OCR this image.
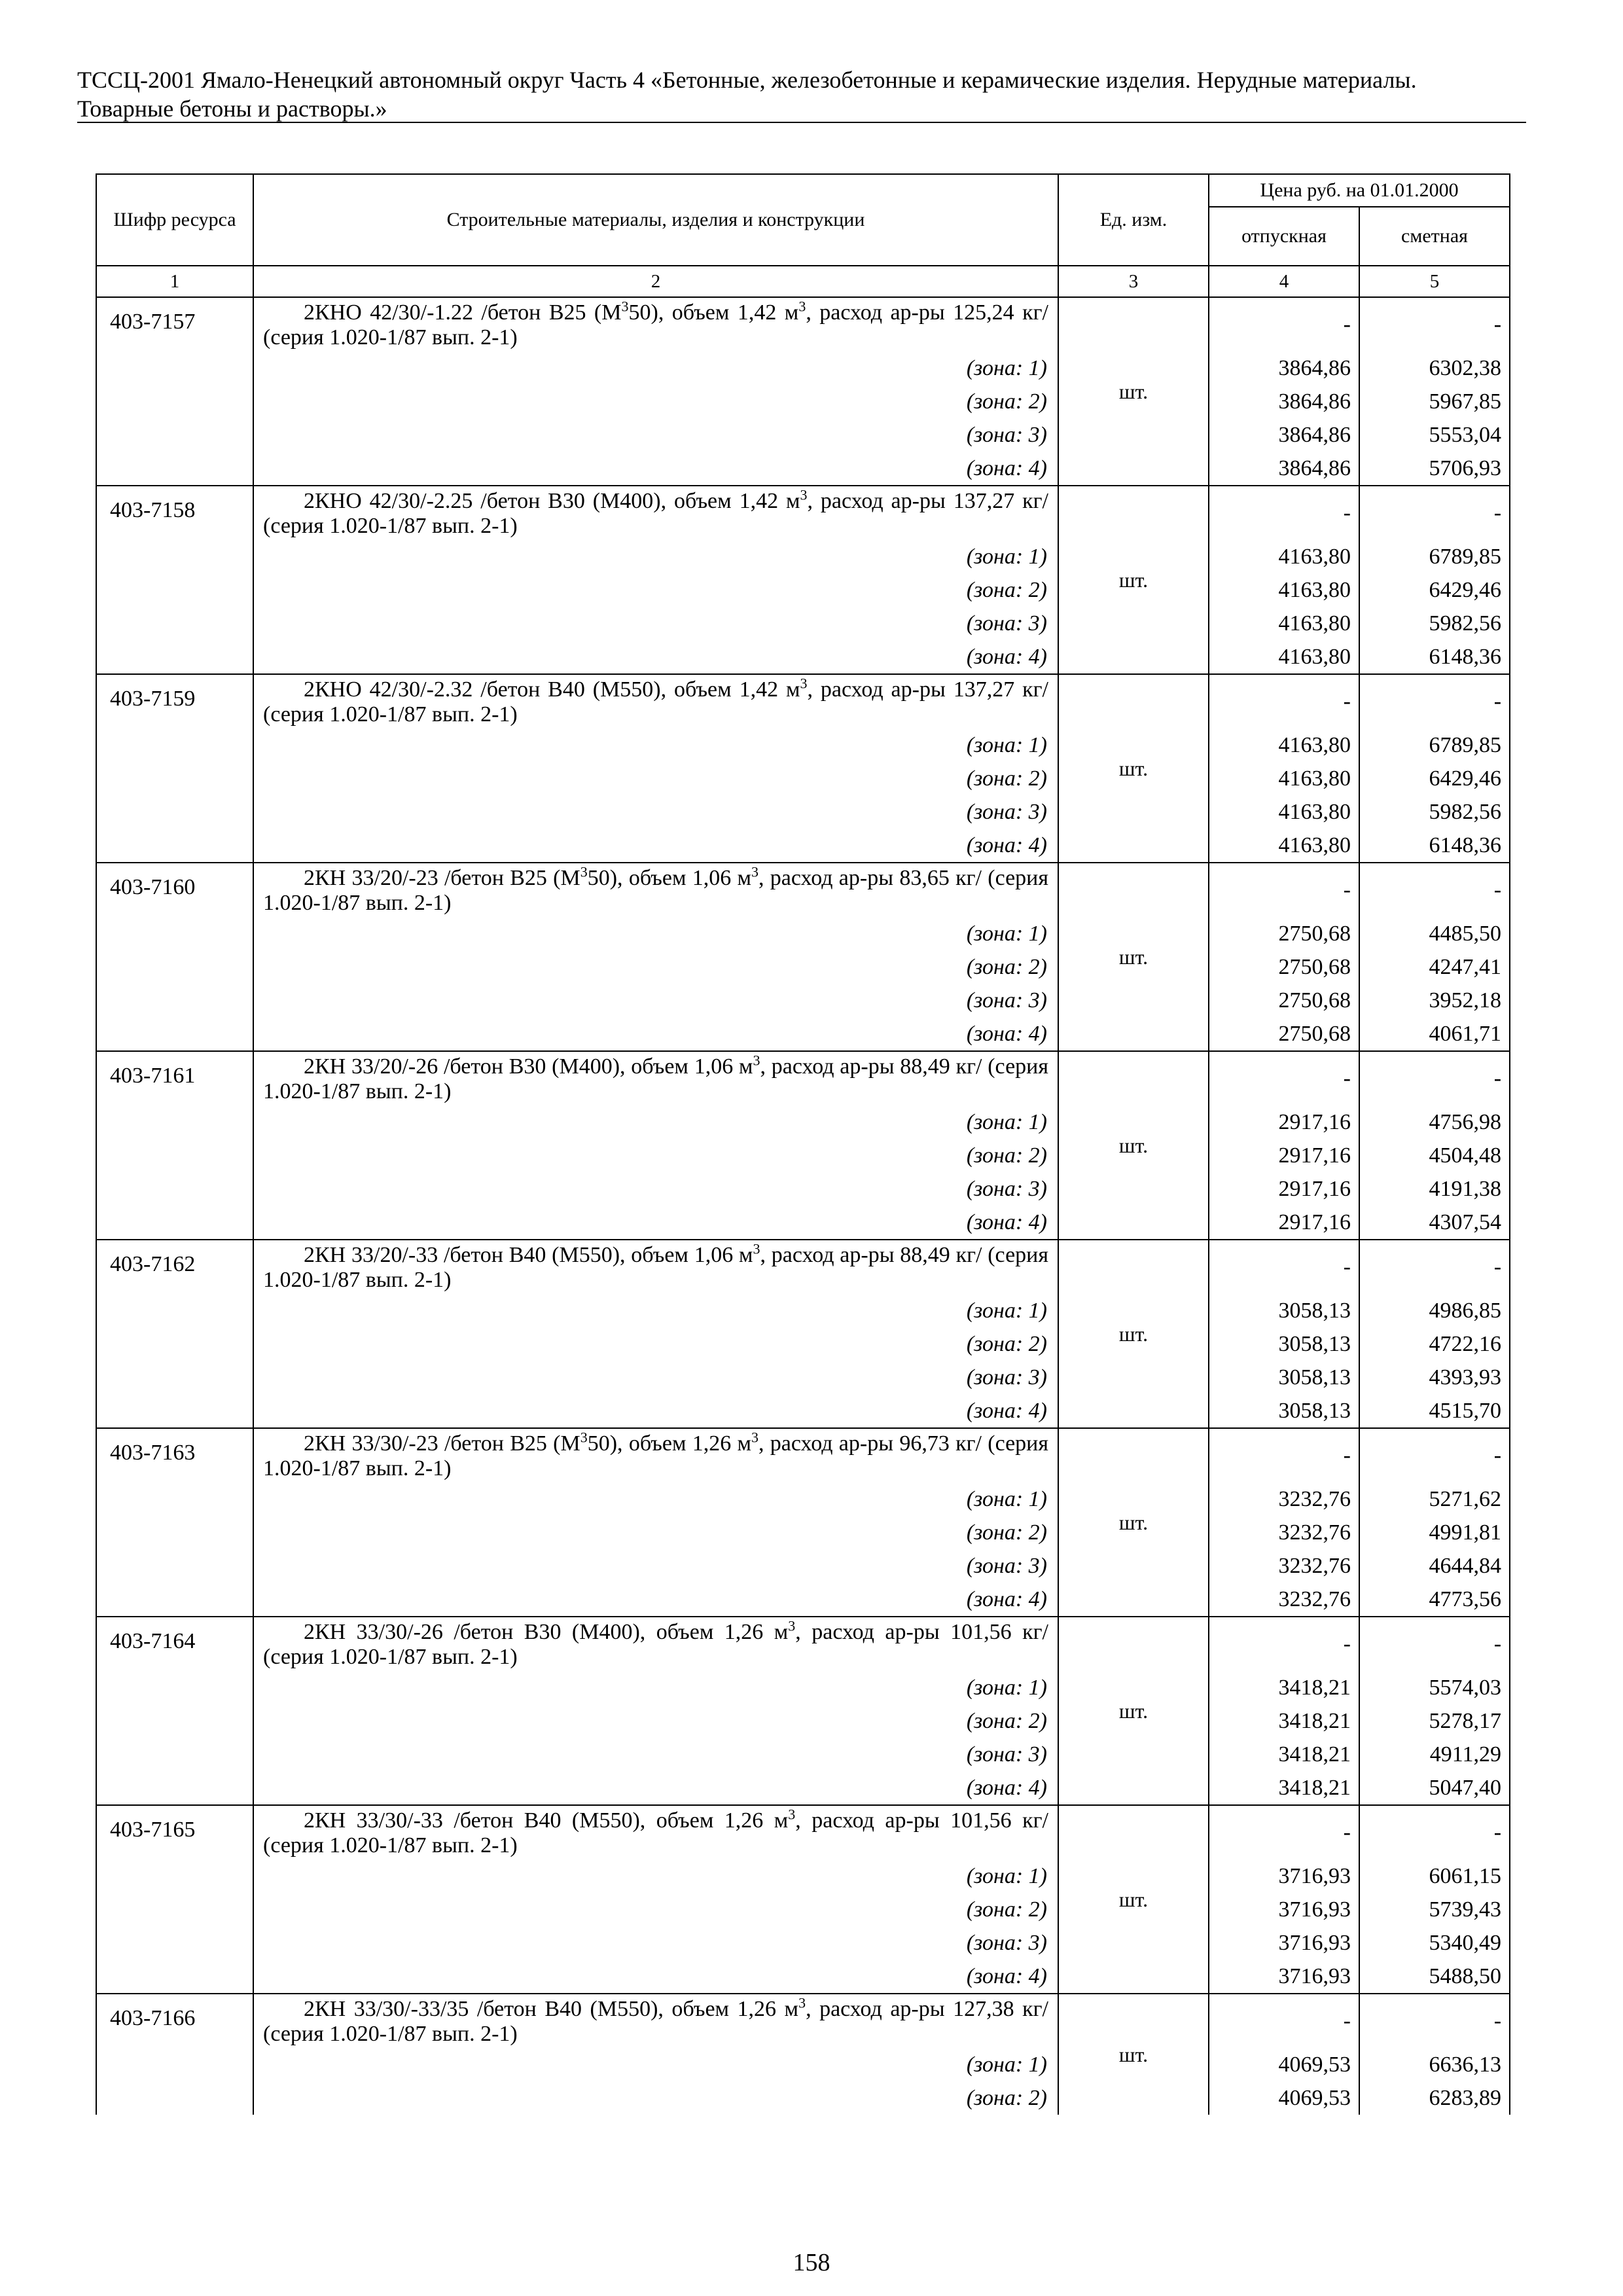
ТССЦ-2001 Ямало-Ненецкий автономный округ Часть 4 «Бетонные, железобетонные и керамические изделия. Нерудные материалы.
Товарные бетоны и растворы.»
Шифр ресурса	Строительные материалы, изделия и конструкции	Ед. изм.	Цена руб. на 01.01.2000	
			отпускная	сметная
1	2	3	4	5
403-7157	2КНО 42/30/-1.22 /бетон В25 $(М^350)$, объем 1,42 $м^3$, расход ар-ры 125,24 кг/ (серия 1.020-1/87 вып. 2-1)	шт.	-	-
	(зона: 1)		3864,86	6302,38
	(зона: 2)		3864,86	5967,85
	(зона: 3)		3864,86	5553,04
	(зона: 4)		3864,86	5706,93
403-7158	2КНО 42/30/-2.25 /бетон В30 (М400), объем 1,42 $м^3$, расход ар-ры 137,27 кг/ (серия 1.020-1/87 вып. 2-1)	шт.	-	-
	(зона: 1)		4163,80	6789,85
	(зона: 2)		4163,80	6429,46
	(зона: 3)		4163,80	5982,56
	(зона: 4)		4163,80	6148,36
403-7159	2КНО 42/30/-2.32 /бетон В40 (М550), объем 1,42 $м^3$, расход ар-ры 137,27 кг/ (серия 1.020-1/87 вып. 2-1)	шт.	-	-
	(зона: 1)		4163,80	6789,85
	(зона: 2)		4163,80	6429,46
	(зона: 3)		4163,80	5982,56
	(зона: 4)		4163,80	6148,36
403-7160	2КН 33/20/-23 /бетон В25 $(М^350)$, объем 1,06 $м^3$, расход ар-ры 83,65 кг/ (серия 1.020-1/87 вып. 2-1)	шт.	-	-
	(зона: 1)		2750,68	4485,50
	(зона: 2)		2750,68	4247,41
	(зона: 3)		2750,68	3952,18
	(зона: 4)		2750,68	4061,71
403-7161	2КН 33/20/-26 /бетон В30 (М400), объем 1,06 $м^3$, расход ар-ры 88,49 кг/ (серия 1.020-1/87 вып. 2-1)	шт.	-	-
	(зона: 1)		2917,16	4756,98
	(зона: 2)		2917,16	4504,48
	(зона: 3)		2917,16	4191,38
	(зона: 4)		2917,16	4307,54
403-7162	2КН 33/20/-33 /бетон В40 (М550), объем 1,06 $м^3$, расход ар-ры 88,49 кг/ (серия 1.020-1/87 вып. 2-1)	шт.	-	-
	(зона: 1)		3058,13	4986,85
	(зона: 2)		3058,13	4722,16
	(зона: 3)		3058,13	4393,93
	(зона: 4)		3058,13	4515,70
403-7163	2КН 33/30/-23 /бетон В25 $(М^350)$, объем 1,26 $м^3$, расход ар-ры 96,73 кг/ (серия 1.020-1/87 вып. 2-1)	шт.	-	-
	(зона: 1)		3232,76	5271,62
	(зона: 2)		3232,76	4991,81
	(зона: 3)		3232,76	4644,84
	(зона: 4)		3232,76	4773,56
403-7164	2КН 33/30/-26 /бетон В30 (М400), объем 1,26 $м^3$, расход ар-ры 101,56 кг/ (серия 1.020-1/87 вып. 2-1)	шт.	-	-
	(зона: 1)		3418,21	5574,03
	(зона: 2)		3418,21	5278,17
	(зона: 3)		3418,21	4911,29
	(зона: 4)		3418,21	5047,40
403-7165	2КН 33/30/-33 /бетон В40 (М550), объем 1,26 $м^3$, расход ар-ры 101,56 кг/ (серия 1.020-1/87 вып. 2-1)	шт.	-	-
	(зона: 1)		3716,93	6061,15
	(зона: 2)		3716,93	5739,43
	(зона: 3)		3716,93	5340,49
	(зона: 4)		3716,93	5488,50
403-7166	2КН 33/30/-33/35 /бетон В40 (М550), объем 1,26 $м^3$, расход ар-ры 127,38 кг/ (серия 1.020-1/87 вып. 2-1)	шт.	-	-
	(зона: 1)		4069,53	6636,13
	(зона: 2)		4069,53	6283,89
158
